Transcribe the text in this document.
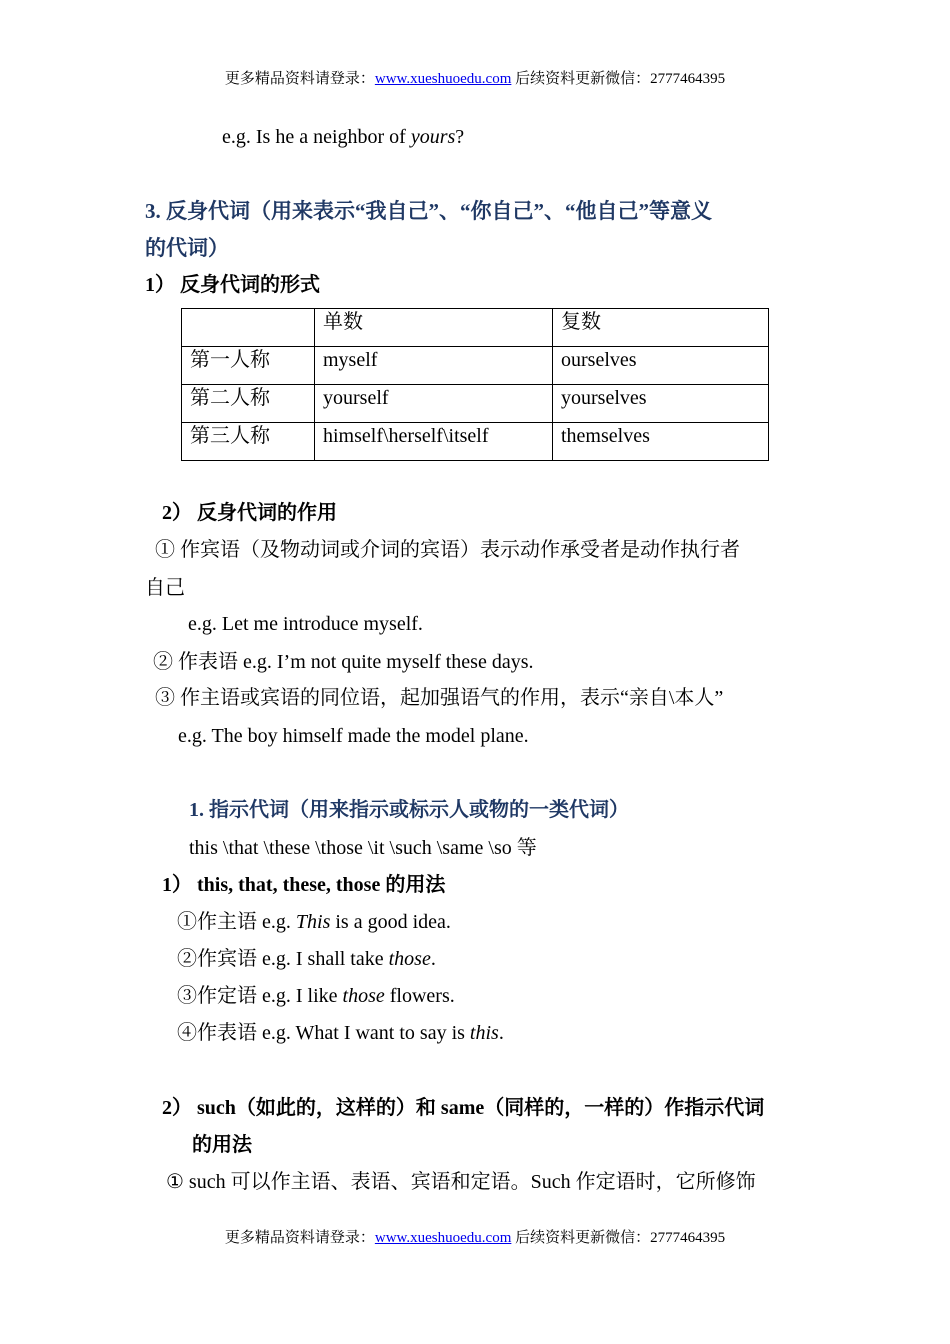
更多精品资料请登录：www.xueshuoedu.com 后续资料更新微信：2777464395
e.g. Is he a neighbor of yours?
3. 反身代词（用来表示“我自己”、“你自己”、“他自己”等意义
的代词）
1） 反身代词的形式
	单数	复数
第一人称	myself	ourselves
第二人称	yourself	yourselves
第三人称	himself\herself\itself	themselves
2） 反身代词的作用
① 作宾语（及物动词或介词的宾语）表示动作承受者是动作执行者
自己
e.g. Let me introduce myself.
② 作表语 e.g. I’m not quite myself these days.
③ 作主语或宾语的同位语，起加强语气的作用，表示“亲自\本人”
e.g. The boy himself made the model plane.
1. 指示代词（用来指示或标示人或物的一类代词）
this \that \these \those \it \such \same \so 等
1） this, that, these, those 的用法
①作主语 e.g. This is a good idea.
②作宾语 e.g. I shall take those.
③作定语 e.g. I like those flowers.
④作表语 e.g. What I want to say is this.
2） such（如此的，这样的）和 same（同样的，一样的）作指示代词
的用法
① such 可以作主语、表语、宾语和定语。Such 作定语时，它所修饰
更多精品资料请登录：www.xueshuoedu.com 后续资料更新微信：2777464395
